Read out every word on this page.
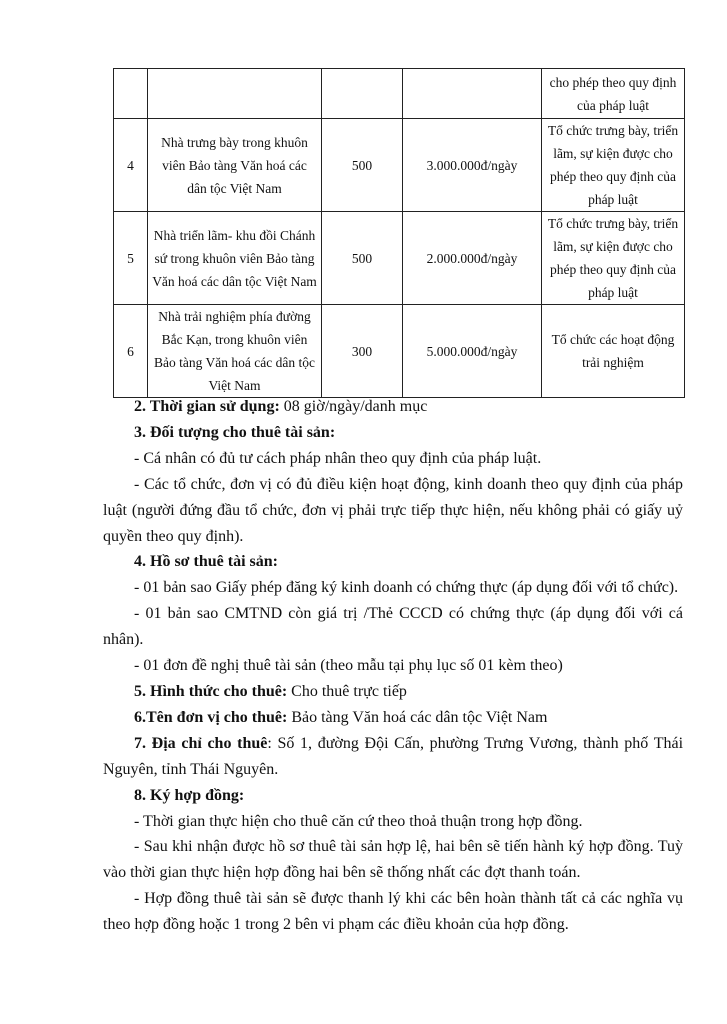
				cho phép theo quy định của pháp luật
4	Nhà trưng bày trong khuôn viên Bảo tàng Văn hoá các dân tộc Việt Nam	500	3.000.000đ/ngày	Tổ chức trưng bày, triển lãm, sự kiện được cho phép theo quy định của pháp luật
5	Nhà triển lãm- khu đồi Chánh sứ trong khuôn viên Bảo tàng Văn hoá các dân tộc Việt Nam	500	2.000.000đ/ngày	Tổ chức trưng bày, triển lãm, sự kiện được cho phép theo quy định của pháp luật
6	Nhà trải nghiệm phía đường Bắc Kạn, trong khuôn viên Bảo tàng Văn hoá các dân tộc Việt Nam	300	5.000.000đ/ngày	Tổ chức các hoạt động trải nghiệm

2. Thời gian sử dụng: 08 giờ/ngày/danh mục

3. Đối tượng cho thuê tài sản:

- Cá nhân có đủ tư cách pháp nhân theo quy định của pháp luật.

- Các tổ chức, đơn vị có đủ điều kiện hoạt động, kinh doanh theo quy định của pháp luật (người đứng đầu tổ chức, đơn vị phải trực tiếp thực hiện, nếu không phải có giấy uỷ quyền theo quy định).

4. Hồ sơ thuê tài sản:

- 01 bản sao Giấy phép đăng ký kinh doanh có chứng thực (áp dụng đối với tổ chức).

- 01 bản sao CMTND còn giá trị /Thẻ CCCD có chứng thực (áp dụng đối với cá nhân).

- 01 đơn đề nghị thuê tài sản (theo mẫu tại phụ lục số 01 kèm theo)

5. Hình thức cho thuê: Cho thuê trực tiếp

6.Tên đơn vị cho thuê: Bảo tàng Văn hoá các dân tộc Việt Nam

7. Địa chỉ cho thuê: Số 1, đường Đội Cấn, phường Trưng Vương, thành phố Thái Nguyên, tỉnh Thái Nguyên.

8. Ký hợp đồng:

- Thời gian thực hiện cho thuê căn cứ theo thoả thuận trong hợp đồng.

- Sau khi nhận được hồ sơ thuê tài sản hợp lệ, hai bên sẽ tiến hành ký hợp đồng. Tuỳ vào thời gian thực hiện hợp đồng hai bên sẽ thống nhất các đợt thanh toán.

- Hợp đồng thuê tài sản sẽ được thanh lý khi các bên hoàn thành tất cả các nghĩa vụ theo hợp đồng hoặc 1 trong 2 bên vi phạm các điều khoản của hợp đồng.
